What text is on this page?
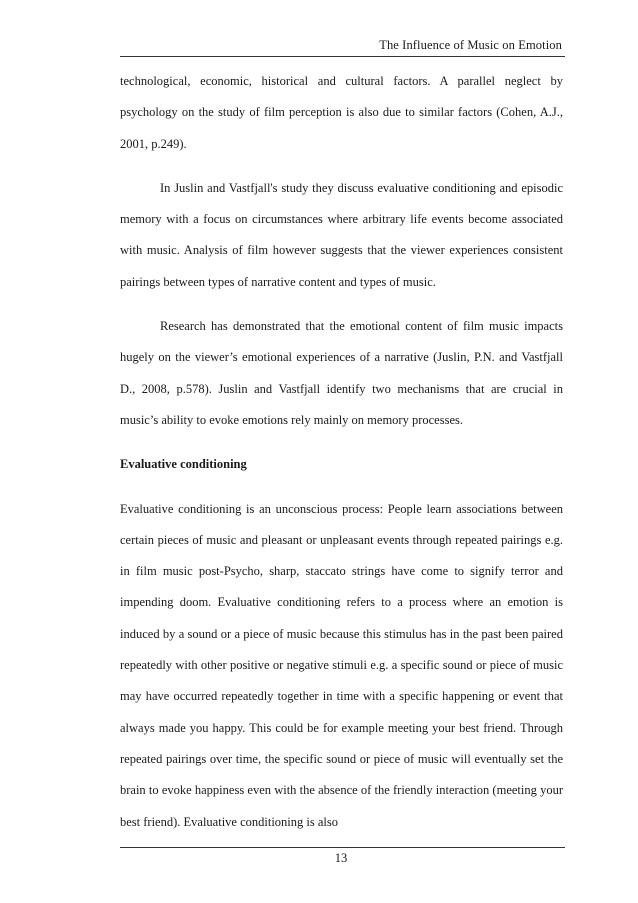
The Influence of Music on Emotion

technological, economic, historical and cultural factors. A parallel neglect by psychology on the study of film perception is also due to similar factors (Cohen, A.J., 2001, p.249).

In Juslin and Vastfjall's study they discuss evaluative conditioning and episodic memory with a focus on circumstances where arbitrary life events become associated with music. Analysis of film however suggests that the viewer experiences consistent pairings between types of narrative content and types of music.

Research has demonstrated that the emotional content of film music impacts hugely on the viewer’s emotional experiences of a narrative (Juslin, P.N. and Vastfjall D., 2008, p.578). Juslin and Vastfjall identify two mechanisms that are crucial in music’s ability to evoke emotions rely mainly on memory processes.

Evaluative conditioning

Evaluative conditioning is an unconscious process: People learn associations between certain pieces of music and pleasant or unpleasant events through repeated pairings e.g. in film music post-Psycho, sharp, staccato strings have come to signify terror and impending doom. Evaluative conditioning refers to a process where an emotion is induced by a sound or a piece of music because this stimulus has in the past been paired repeatedly with other positive or negative stimuli e.g. a specific sound or piece of music may have occurred repeatedly together in time with a specific happening or event that always made you happy. This could be for example meeting your best friend. Through repeated pairings over time, the specific sound or piece of music will eventually set the brain to evoke happiness even with the absence of the friendly interaction (meeting your best friend). Evaluative conditioning is also

13
